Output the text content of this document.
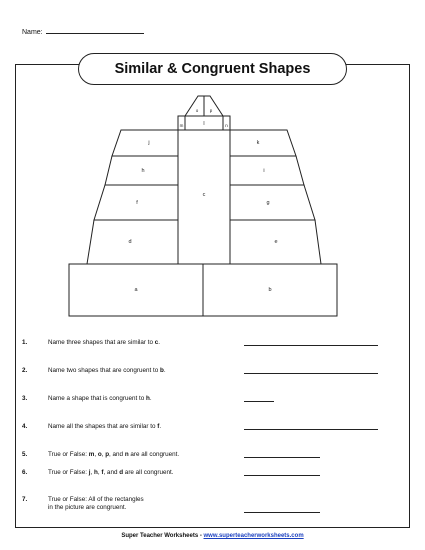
Name:
Similar & Congruent Shapes
a	b
c
d	e
f	g
h	i
j	k
l
m	n
o	p
1.	Name three shapes that are similar to c.
2.	Name two shapes that are congruent to b.
3.	Name a shape that is congruent to h.
4.	Name all the shapes that are similar to f.
5.	True or False: m, o, p, and n are all congruent.
6.	True or False: j, h, f, and d are all congruent.
7.	True or False: All of the rectangles
in the picture are congruent.
Super Teacher Worksheets - www.superteacherworksheets.com
